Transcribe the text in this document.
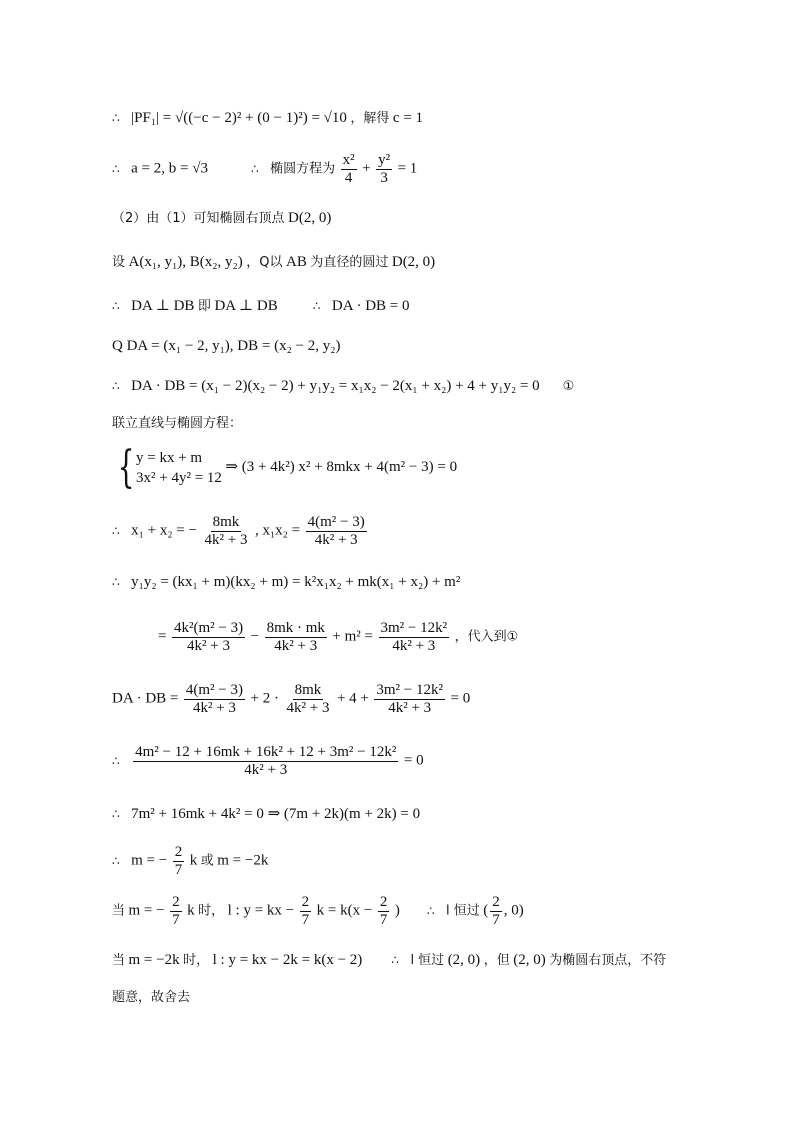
∴ |PF₁| = √((−c − 2)² + (0 − 1)²) = √10 ，解得 c = 1
∴ a = 2, b = √3	∴ 椭圆方程为 $\frac{\text{x²}}{4} + \frac{\text{y²}}{3} = 1$
（2）由（1）可知椭圆右顶点 D(2, 0)
设 A(x₁, y₁), B(x₂, y₂) ，Q以 AB 为直径的圆过 D(2, 0)
∴ DA ⊥ DB 即 DA ⊥ DB	∴ DA · DB = 0
Q DA = (x₁ − 2, y₁), DB = (x₂ − 2, y₂)
∴ DA · DB = (x₁ − 2)(x₂ − 2) + y₁y₂ = x₁x₂ − 2(x₁ + x₂) + 4 + y₁y₂ = 0 ①
联立直线与椭圆方程：
{ y = kx + m
3x² + 4y² = 12
⇒ (3 + 4k²) x² + 8mkx + 4(m² − 3) = 0
∴ x₁ + x₂ = − $\frac{8mk}{\text{4k² + 3}}$ , $x_1x_2 = \frac{\text{4(m² − 3)}}{\text{4k² + 3}}$
∴ y₁y₂ = (kx₁ + m)(kx₂ + m) = k²x₁x₂ + mk(x₁ + x₂) + m²
= $\frac{\text{4k²(m² − 3)}}{\text{4k² + 3}} - \frac{8mk \cdot mk}{\text{4k² + 3}} + m^2 = \frac{\text{3m² − 12k²}}{\text{4k² + 3}}$ ，代入到①
DA · DB = $\frac{\text{4(m² − 3)}}{\text{4k² + 3}} + 2 \cdot \frac{8mk}{\text{4k² + 3}} + 4 + \frac{\text{3m² − 12k²}}{\text{4k² + 3}} = 0$
∴ $\frac{\text{4m² − 12 + 16mk + 16k² + 12 + 3m² − 12k²}}{\text{4k² + 3}} = 0$
∴ 7m² + 16mk + 4k² = 0 ⇒ (7m + 2k)(m + 2k) = 0
∴ m = − $\frac{2}{7}$ k 或 m = −2k
当 m = − $\frac{2}{7}$ k 时， l : y = kx − $\frac{2}{7}$ $k = k(x - \frac{2}{7}$ ) ∴ l 恒过 ( $\frac{2}{7}$ , 0)
当 m = −2k 时， l : y = kx − 2k = k(x − 2) ∴ l 恒过 (2, 0) ，但 (2, 0) 为椭圆右顶点，不符
题意，故舍去
